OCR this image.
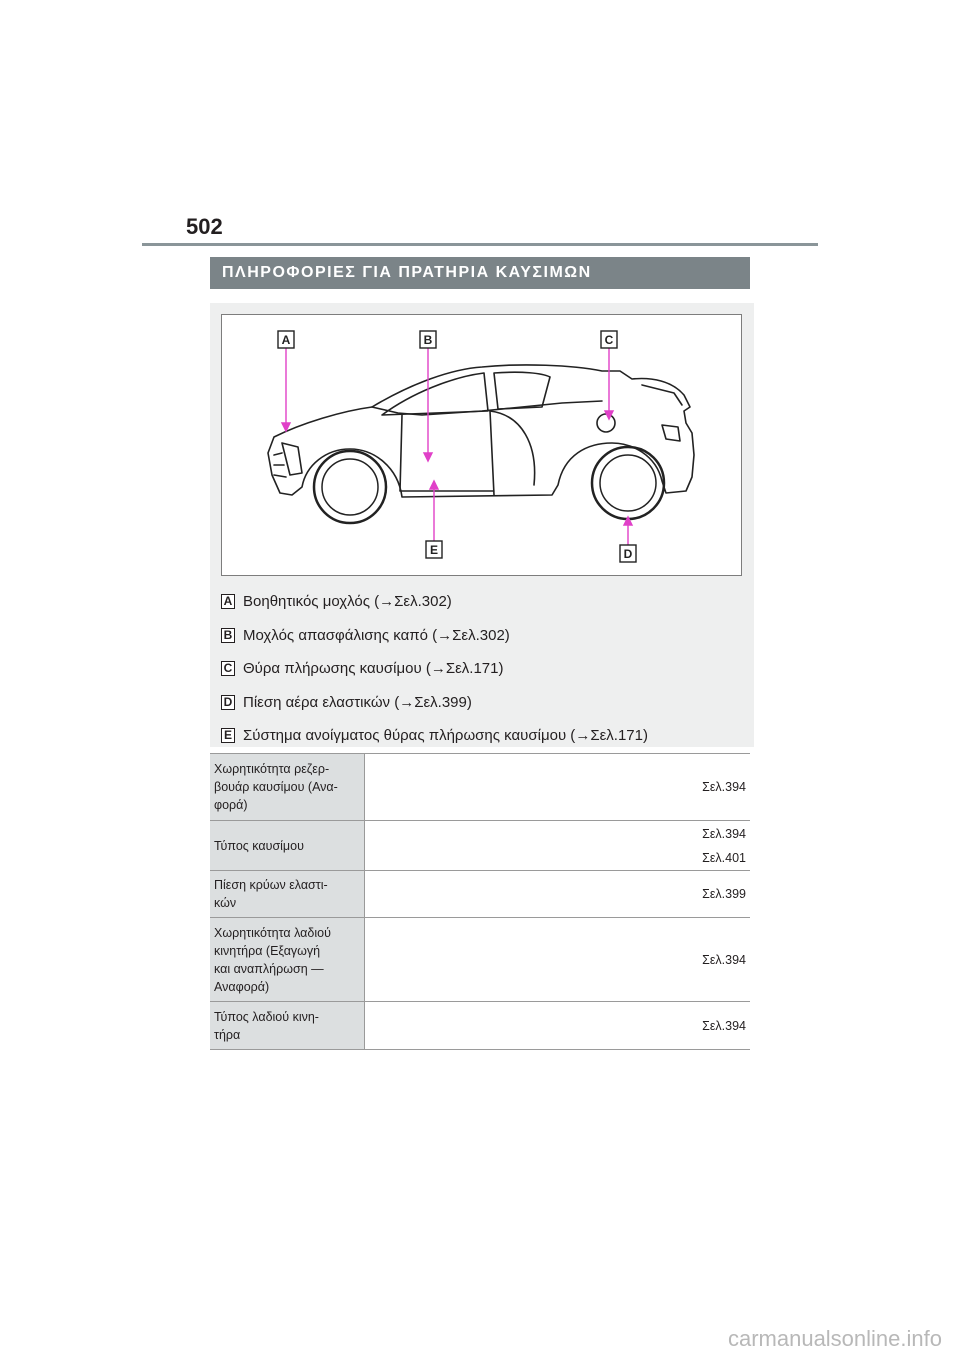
502
ΠΛΗΡΟΦΟΡΙΕΣ ΓΙΑ ΠΡΑΤΗΡΙΑ ΚΑΥΣΙΜΩΝ
A	B	C
D
E
A Βοηθητικός μοχλός ( → Σελ.302)
B Μοχλός απασφάλισης καπό ( → Σελ.302)
C Θύρα πλήρωσης καυσίμου ( → Σελ.171)
D Πίεση αέρα ελαστικών ( → Σελ.399)
E Σύστημα ανοίγματος θύρας πλήρωσης καυσίμου ( → Σελ.171)
Χωρητικότητα ρεζερ-
βουάρ καυσίμου (Ανα-
φορά)	Σελ.394

Τύπος καυσίμου	Σελ.394
Σελ.401

Πίεση κρύων ελαστι-
κών	Σελ.399

Χωρητικότητα λαδιού
κινητήρα (Εξαγωγή
και αναπλήρωση —
Αναφορά)	Σελ.394

Τύπος λαδιού κινη-
τήρα	Σελ.394
carmanualsonline.info
